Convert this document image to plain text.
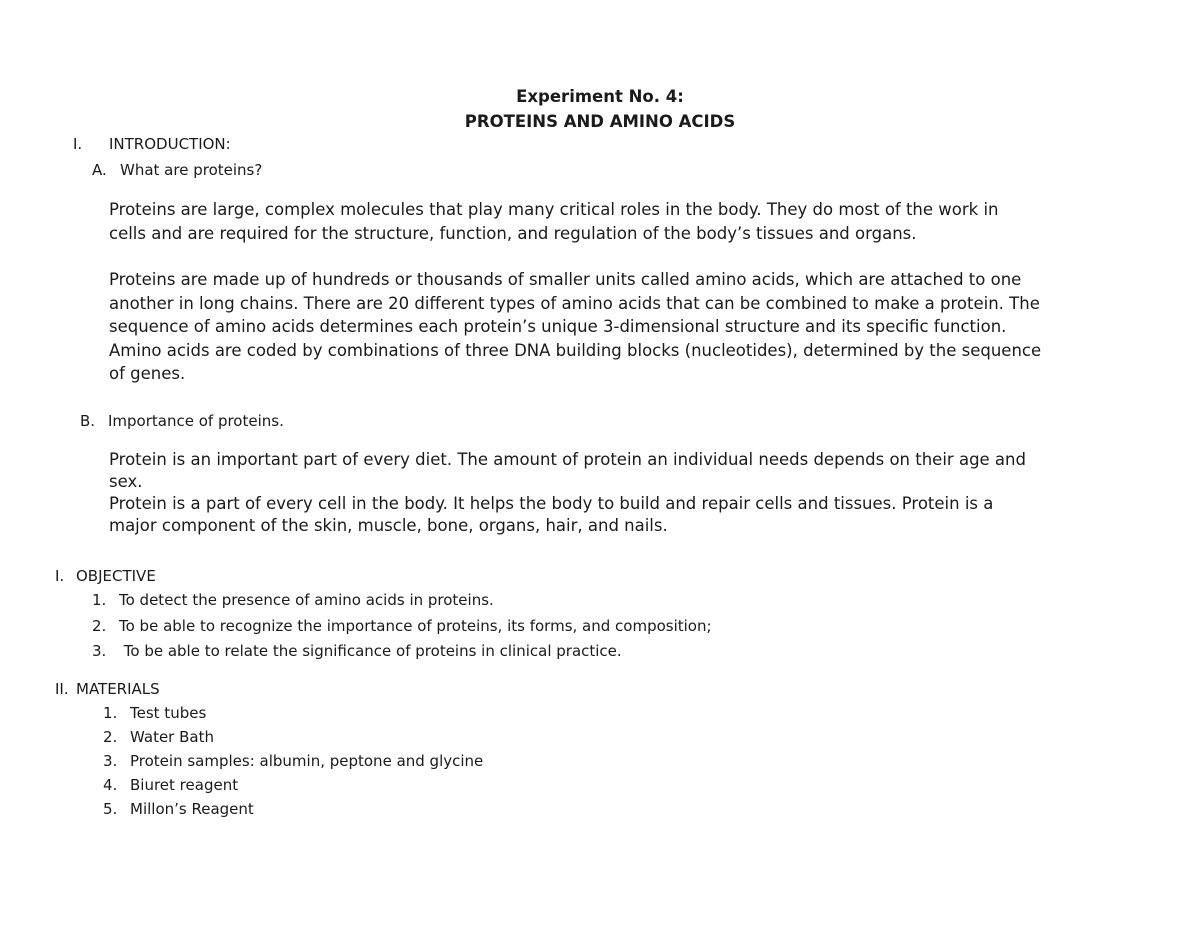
Experiment No. 4:
PROTEINS AND AMINO ACIDS
I. INTRODUCTION:
A. What are proteins?
Proteins are large, complex molecules that play many critical roles in the body. They do most of the work in
cells and are required for the structure, function, and regulation of the body’s tissues and organs.
Proteins are made up of hundreds or thousands of smaller units called amino acids, which are attached to one
another in long chains. There are 20 different types of amino acids that can be combined to make a protein. The
sequence of amino acids determines each protein’s unique 3-dimensional structure and its specific function.
Amino acids are coded by combinations of three DNA building blocks (nucleotides), determined by the sequence
of genes.
B. Importance of proteins.
Protein is an important part of every diet. The amount of protein an individual needs depends on their age and
sex.
Protein is a part of every cell in the body. It helps the body to build and repair cells and tissues. Protein is a
major component of the skin, muscle, bone, organs, hair, and nails.
I. OBJECTIVE
1. To detect the presence of amino acids in proteins.
2. To be able to recognize the importance of proteins, its forms, and composition;
3. To be able to relate the significance of proteins in clinical practice.
II. MATERIALS
1. Test tubes
2. Water Bath
3. Protein samples: albumin, peptone and glycine
4. Biuret reagent
5. Millon’s Reagent
